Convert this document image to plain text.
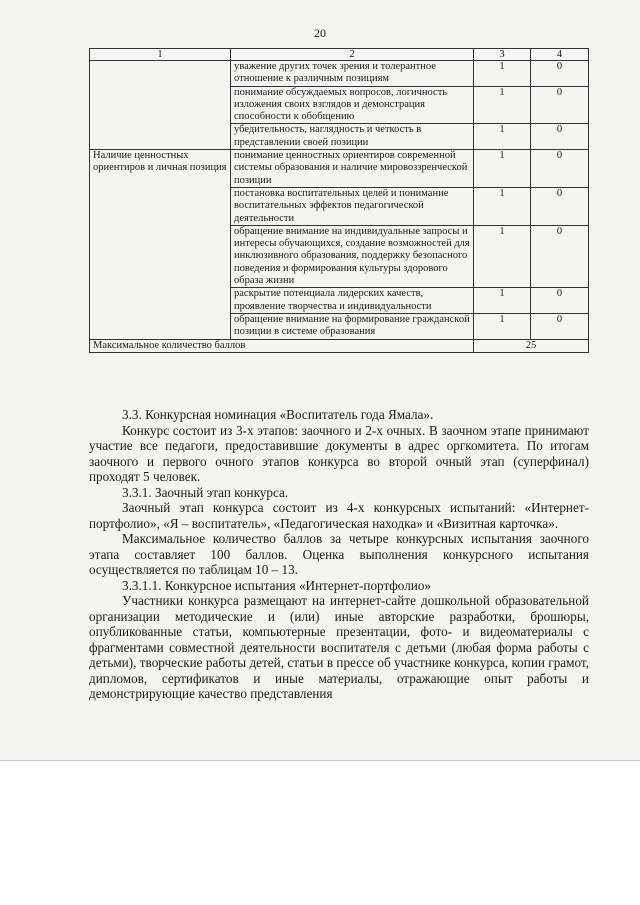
20
1	2	3	4
	уважение других точек зрения и толерантное отношение к различным позициям	1	0
	понимание обсуждаемых вопросов, логичность изложения своих взглядов и демонстрация способности к обобщению	1	0
	убедительность, наглядность и четкость в представлении своей позиции	1	0
Наличие ценностных ориентиров и личная позиция	понимание ценностных ориентиров современной системы образования и наличие мировоззренческой позиции	1	0
	постановка воспитательных целей и понимание воспитательных эффектов педагогической деятельности	1	0
	обращение внимание на индивидуальные запросы и интересы обучающихся, создание возможностей для инклюзивного образования, поддержку безопасного поведения и формирования культуры здорового образа жизни	1	0
	раскрытие потенциала лидерских качеств, проявление творчества и индивидуальности	1	0
	обращение внимание на формирование гражданской позиции в системе образования	1	0
Максимальное количество баллов		25	

3.3. Конкурсная номинация «Воспитатель года Ямала».

Конкурс состоит из 3-х этапов: заочного и 2-х очных. В заочном этапе принимают участие все педагоги, предоставившие документы в адрес оргкомитета. По итогам заочного и первого очного этапов конкурса во второй очный этап (суперфинал) проходят 5 человек.

3.3.1. Заочный этап конкурса.

Заочный этап конкурса состоит из 4-х конкурсных испытаний: «Интернет-портфолио», «Я – воспитатель», «Педагогическая находка» и «Визитная карточка».

Максимальное количество баллов за четыре конкурсных испытания заочного этапа составляет 100 баллов. Оценка выполнения конкурсного испытания осуществляется по таблицам 10 – 13.

3.3.1.1. Конкурсное испытания «Интернет-портфолио»

Участники конкурса размещают на интернет-сайте дошкольной образовательной организации методические и (или) иные авторские разработки, брошюры, опубликованные статьи, компьютерные презентации, фото- и видеоматериалы с фрагментами совместной деятельности воспитателя с детьми (любая форма работы с детьми), творческие работы детей, статьи в прессе об участнике конкурса, копии грамот, дипломов, сертификатов и иные материалы, отражающие опыт работы и демонстрирующие качество представления
